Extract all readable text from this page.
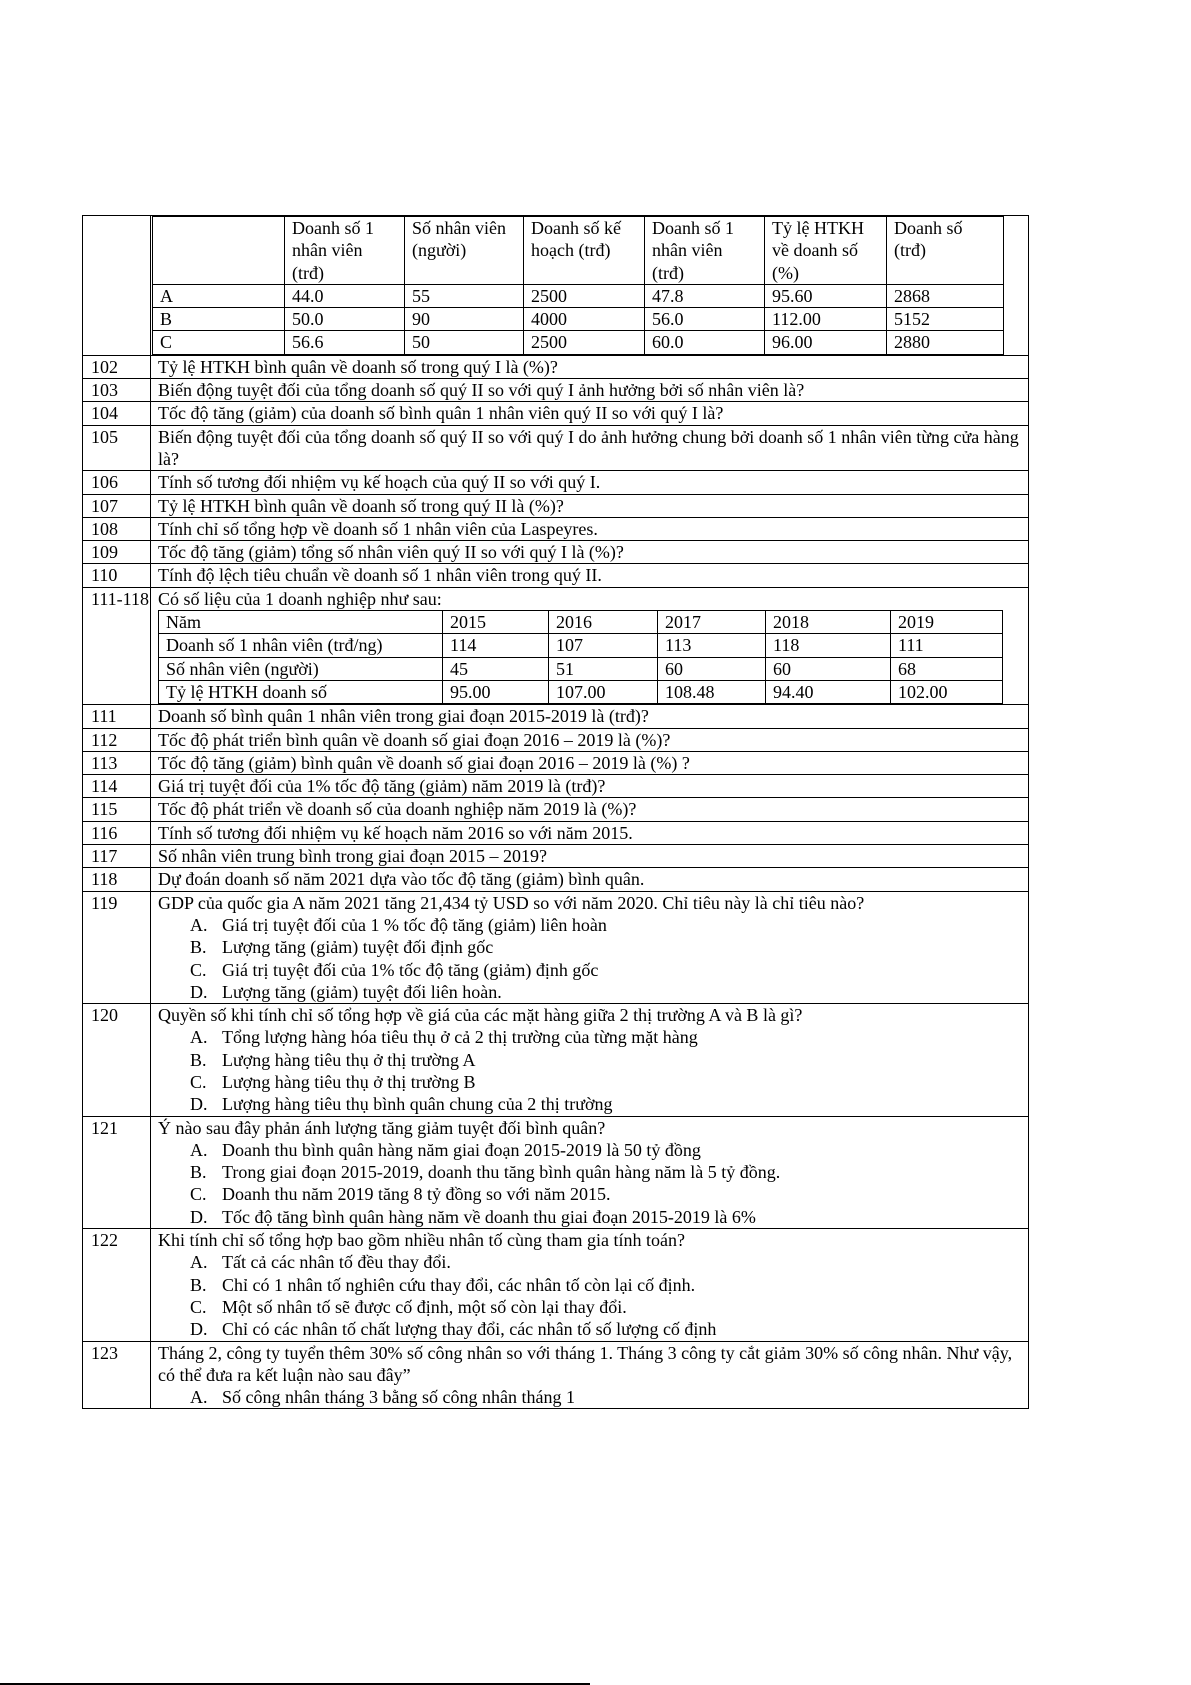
	Doanh số 1 nhân viên (trđ)	Số nhân viên (người)	Doanh số kế hoạch (trđ)	Doanh số 1 nhân viên (trđ)	Tỷ lệ HTKH về doanh số (%)	Doanh số (trđ)
A	44.0	55	2500	47.8	95.60	2868
B	50.0	90	4000	56.0	112.00	5152
C	56.6	50	2500	60.0	96.00	2880

102	Tỷ lệ HTKH bình quân về doanh số trong quý I là (%)?

103	Biến động tuyệt đối của tổng doanh số quý II so với quý I ảnh hưởng bởi số nhân viên là?

104	Tốc độ tăng (giảm) của doanh số bình quân 1 nhân viên quý II so với quý I là?

105	Biến động tuyệt đối của tổng doanh số quý II so với quý I do ảnh hưởng chung bởi doanh số 1 nhân viên từng cửa hàng là?

106	Tính số tương đối nhiệm vụ kế hoạch của quý II so với quý I.

107	Tỷ lệ HTKH bình quân về doanh số trong quý II là (%)?

108	Tính chỉ số tổng hợp về doanh số 1 nhân viên của Laspeyres.

109	Tốc độ tăng (giảm) tổng số nhân viên quý II so với quý I là (%)?

110	Tính độ lệch tiêu chuẩn về doanh số 1 nhân viên trong quý II.

111-118	Có số liệu của 1 doanh nghiệp như sau:
Năm	2015	2016	2017	2018	2019
Doanh số 1 nhân viên (trđ/ng)	114	107	113	118	111
Số nhân viên (người)	45	51	60	60	68
Tỷ lệ HTKH doanh số	95.00	107.00	108.48	94.40	102.00

111	Doanh số bình quân 1 nhân viên trong giai đoạn 2015-2019 là (trđ)?

112	Tốc độ phát triển bình quân về doanh số giai đoạn 2016 – 2019 là (%)?

113	Tốc độ tăng (giảm) bình quân về doanh số giai đoạn 2016 – 2019 là (%) ?

114	Giá trị tuyệt đối của 1% tốc độ tăng (giảm) năm 2019 là (trđ)?

115	Tốc độ phát triển về doanh số của doanh nghiệp năm 2019 là (%)?

116	Tính số tương đối nhiệm vụ kế hoạch năm 2016 so với năm 2015.

117	Số nhân viên trung bình trong giai đoạn 2015 – 2019?

118	Dự đoán doanh số năm 2021 dựa vào tốc độ tăng (giảm) bình quân.

119	GDP của quốc gia A năm 2021 tăng 21,434 tỷ USD so với năm 2020. Chỉ tiêu này là chỉ tiêu nào?
A. Giá trị tuyệt đối của 1 % tốc độ tăng (giảm) liên hoàn
B. Lượng tăng (giảm) tuyệt đối định gốc
C. Giá trị tuyệt đối của 1% tốc độ tăng (giảm) định gốc
D. Lượng tăng (giảm) tuyệt đối liên hoàn.

120	Quyền số khi tính chỉ số tổng hợp về giá của các mặt hàng giữa 2 thị trường A và B là gì?
A. Tổng lượng hàng hóa tiêu thụ ở cả 2 thị trường của từng mặt hàng
B. Lượng hàng tiêu thụ ở thị trường A
C. Lượng hàng tiêu thụ ở thị trường B
D. Lượng hàng tiêu thụ bình quân chung của 2 thị trường

121	Ý nào sau đây phản ánh lượng tăng giảm tuyệt đối bình quân?
A. Doanh thu bình quân hàng năm giai đoạn 2015-2019 là 50 tỷ đồng
B. Trong giai đoạn 2015-2019, doanh thu tăng bình quân hàng năm là 5 tỷ đồng.
C. Doanh thu năm 2019 tăng 8 tỷ đồng so với năm 2015.
D. Tốc độ tăng bình quân hàng năm về doanh thu giai đoạn 2015-2019 là 6%

122	Khi tính chỉ số tổng hợp bao gồm nhiều nhân tố cùng tham gia tính toán?
A. Tất cả các nhân tố đều thay đổi.
B. Chỉ có 1 nhân tố nghiên cứu thay đổi, các nhân tố còn lại cố định.
C. Một số nhân tố sẽ được cố định, một số còn lại thay đổi.
D. Chỉ có các nhân tố chất lượng thay đổi, các nhân tố số lượng cố định

123	Tháng 2, công ty tuyển thêm 30% số công nhân so với tháng 1. Tháng 3 công ty cắt giảm 30% số công nhân. Như vậy, có thể đưa ra kết luận nào sau đây”
A. Số công nhân tháng 3 bằng số công nhân tháng 1
